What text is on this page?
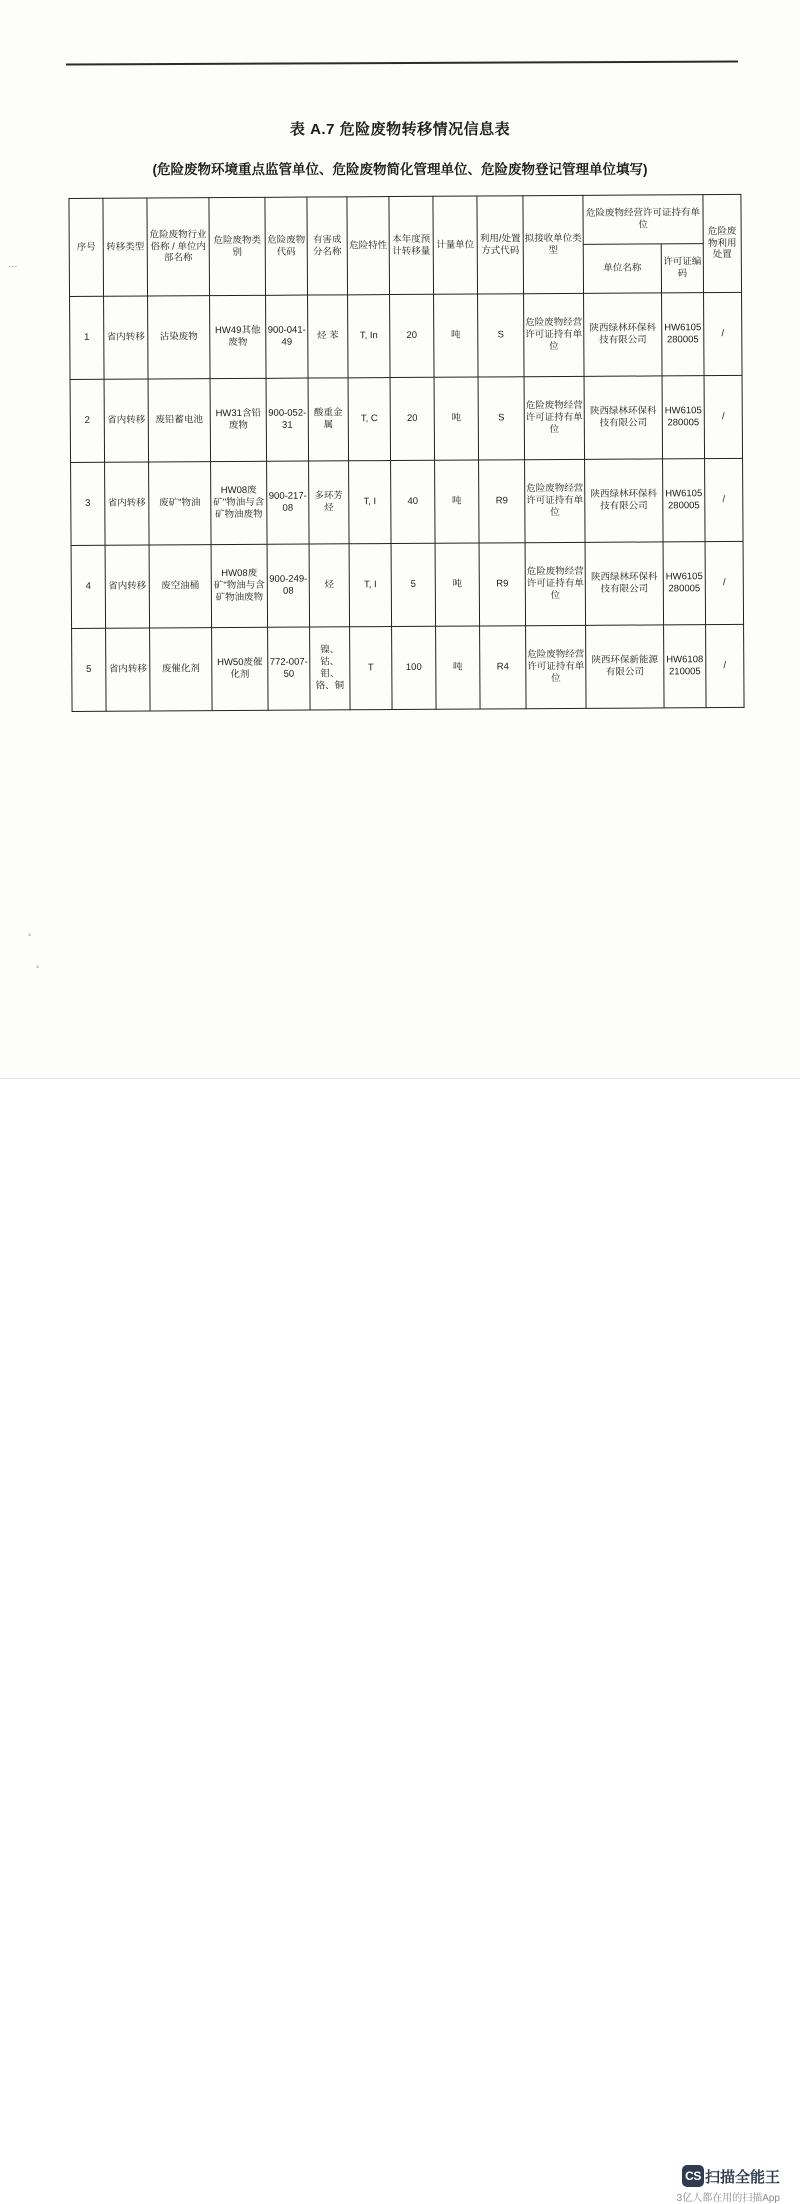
表 A.7 危险废物转移情况信息表
(危险废物环境重点监管单位、危险废物简化管理单位、危险废物登记管理单位填写)
⋮
•
•
序号	转移类型	危险废物行业俗称 / 单位内部名称	危险废物类别	危险废物代码	有害成分名称	危险特性	本年度预计转移量	计量单位	利用/处置方式代码	拟接收单位类型	危险废物经营许可证持有单位		危险废物利用处置
											单位名称	许可证编码	
1	省内转移	沾染废物	HW49其他废物	900-041-49	烃 苯	T, In	20	吨	S	危险废物经营许可证持有单位	陕西绿林环保科技有限公司	HW6105280005	/
2	省内转移	废铅蓄电池	HW31含铅废物	900-052-31	酸重金属	T, C	20	吨	S	危险废物经营许可证持有单位	陕西绿林环保科技有限公司	HW6105280005	/
3	省内转移	废矿"物油	HW08废矿"物油与含矿物油废物	900-217-08	多环芳烃	T, I	40	吨	R9	危险废物经营许可证持有单位	陕西绿林环保科技有限公司	HW6105280005	/
4	省内转移	废空油桶	HW08废矿"物油与含矿物油废物	900-249-08	烃	T, I	5	吨	R9	危险废物经营许可证持有单位	陕西绿林环保科技有限公司	HW6105280005	/
5	省内转移	废催化剂	HW50废催化剂	772-007-50	镍、钴、钼、铬、铜	T	100	吨	R4	危险废物经营许可证持有单位	陕西环保新能源有限公司	HW6108210005	/
CS 扫描全能王
3亿人都在用的扫描App
